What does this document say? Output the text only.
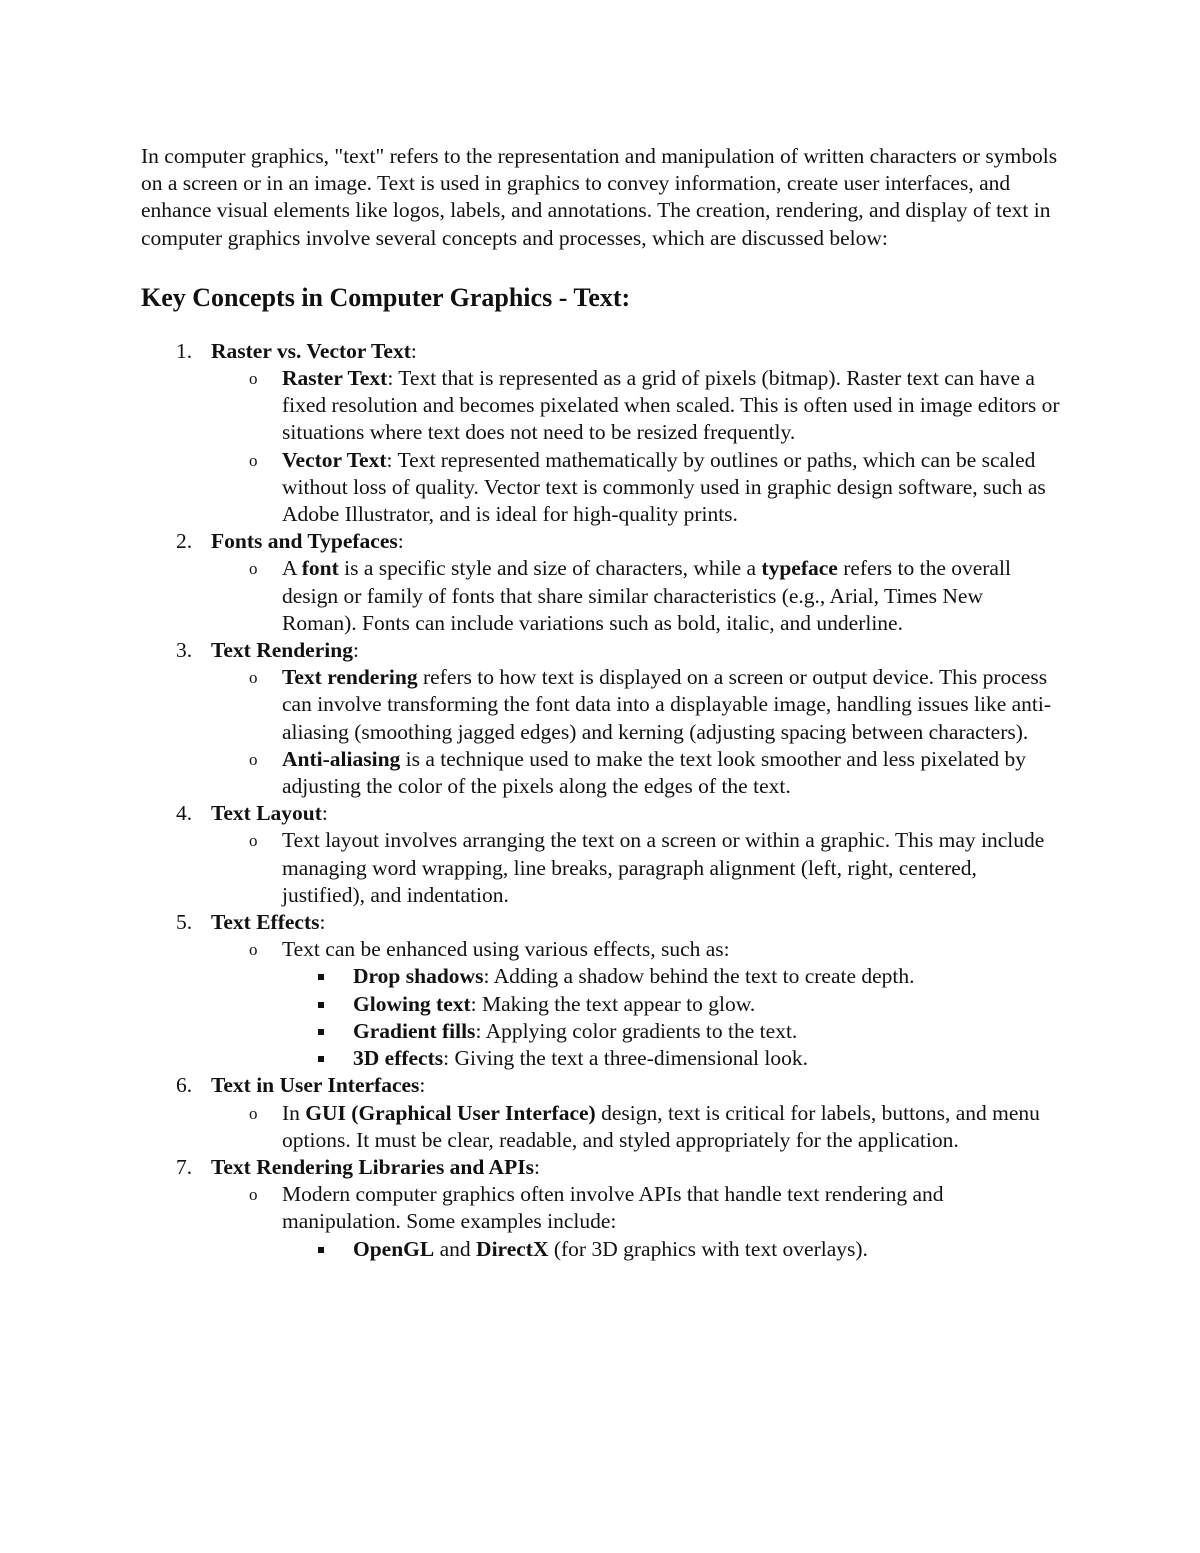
In computer graphics, "text" refers to the representation and manipulation of written characters or symbols on a screen or in an image. Text is used in graphics to convey information, create user interfaces, and enhance visual elements like logos, labels, and annotations. The creation, rendering, and display of text in computer graphics involve several concepts and processes, which are discussed below:

Key Concepts in Computer Graphics - Text:
1. Raster vs. Vector Text:
o Raster Text: Text that is represented as a grid of pixels (bitmap). Raster text can have a fixed resolution and becomes pixelated when scaled. This is often used in image editors or situations where text does not need to be resized frequently.
o Vector Text: Text represented mathematically by outlines or paths, which can be scaled without loss of quality. Vector text is commonly used in graphic design software, such as Adobe Illustrator, and is ideal for high-quality prints.
2. Fonts and Typefaces:
o A font is a specific style and size of characters, while a typeface refers to the overall design or family of fonts that share similar characteristics (e.g., Arial, Times New Roman). Fonts can include variations such as bold, italic, and underline.
3. Text Rendering:
o Text rendering refers to how text is displayed on a screen or output device. This process can involve transforming the font data into a displayable image, handling issues like anti-aliasing (smoothing jagged edges) and kerning (adjusting spacing between characters).
o Anti-aliasing is a technique used to make the text look smoother and less pixelated by adjusting the color of the pixels along the edges of the text.
4. Text Layout:
o Text layout involves arranging the text on a screen or within a graphic. This may include managing word wrapping, line breaks, paragraph alignment (left, right, centered, justified), and indentation.
5. Text Effects:
o Text can be enhanced using various effects, such as:
Drop shadows: Adding a shadow behind the text to create depth.
Glowing text: Making the text appear to glow.
Gradient fills: Applying color gradients to the text.
3D effects: Giving the text a three-dimensional look.
6. Text in User Interfaces:
o In GUI (Graphical User Interface) design, text is critical for labels, buttons, and menu options. It must be clear, readable, and styled appropriately for the application.
7. Text Rendering Libraries and APIs:
o Modern computer graphics often involve APIs that handle text rendering and manipulation. Some examples include:
OpenGL and DirectX (for 3D graphics with text overlays).
